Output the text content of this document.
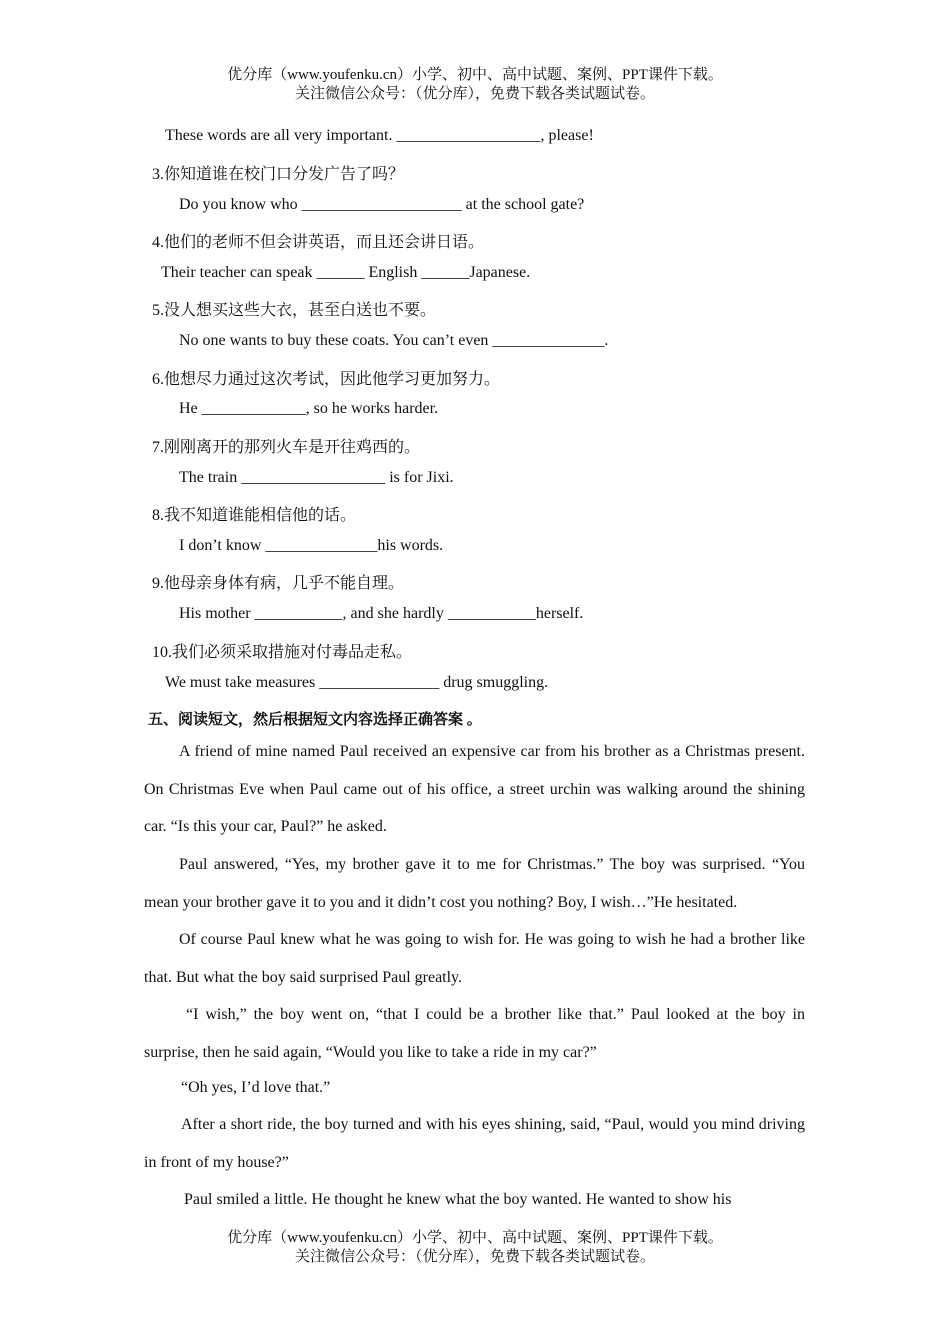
优分库（www.youfenku.cn）小学、初中、高中试题、案例、PPT课件下载。
关注微信公众号：（优分库），免费下载各类试题试卷。
These words are all very important. __________________, please!
3.你知道谁在校门口分发广告了吗？
Do you know who ____________________ at the school gate?
4.他们的老师不但会讲英语，而且还会讲日语。
Their teacher can speak ______ English ______Japanese.
5.没人想买这些大衣，甚至白送也不要。
No one wants to buy these coats. You can’t even ______________.
6.他想尽力通过这次考试，因此他学习更加努力。
He _____________, so he works harder.
7.刚刚离开的那列火车是开往鸡西的。
The train __________________ is for Jixi.
8.我不知道谁能相信他的话。
I don’t know ______________his words.
9.他母亲身体有病，几乎不能自理。
His mother ___________, and she hardly ___________herself.
10.我们必须采取措施对付毒品走私。
We must take measures _______________ drug smuggling.
五、阅读短文，然后根据短文内容选择正确答案 。
A friend of mine named Paul received an expensive car from his brother as a Christmas present. On Christmas Eve when Paul came out of his office, a street urchin was walking around the shining car. “Is this your car, Paul?” he asked.
Paul answered, “Yes, my brother gave it to me for Christmas.” The boy was surprised. “You mean your brother gave it to you and it didn’t cost you nothing? Boy, I wish…”He hesitated.
Of course Paul knew what he was going to wish for. He was going to wish he had a brother like that. But what the boy said surprised Paul greatly.
“I wish,” the boy went on, “that I could be a brother like that.” Paul looked at the boy in surprise, then he said again, “Would you like to take a ride in my car?”
“Oh yes, I’d love that.”
After a short ride, the boy turned and with his eyes shining, said, “Paul, would you mind driving in front of my house?”
Paul smiled a little. He thought he knew what the boy wanted. He wanted to show his
优分库（www.youfenku.cn）小学、初中、高中试题、案例、PPT课件下载。
关注微信公众号：（优分库），免费下载各类试题试卷。
